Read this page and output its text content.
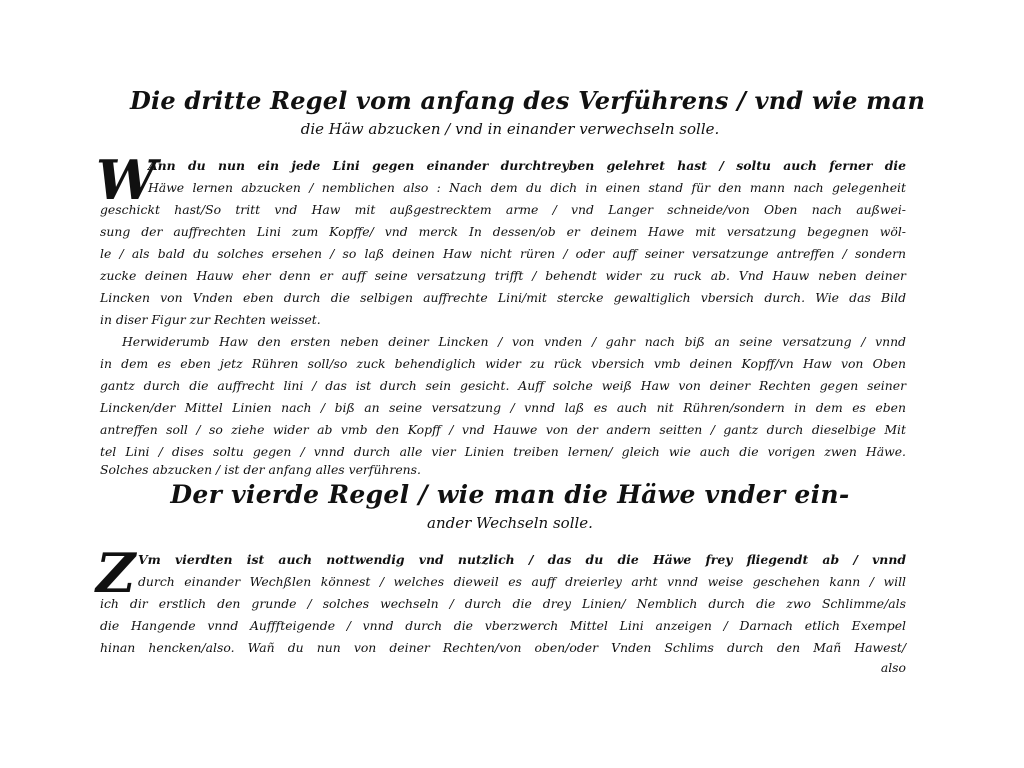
Die dritte Regel vom anfang des Verführens / vnd wie man
die Häw abzucken / vnd in einander verwechseln solle.
W
Ann du nun ein jede Lini gegen einander durchtreyben gelehret hast / soltu auch ferner die
Häwe lernen abzucken / nemblichen also : Nach dem du dich in einen stand für den mann nach gelegenheit
geschickt hast/So tritt vnd Haw mit außgestrecktem arme / vnd Langer schneide/von Oben nach außwei-
sung der auffrechten Lini zum Kopffe/ vnd merck In dessen/ob er deinem Hawe mit versatzung begegnen wöl-
le / als bald du solches ersehen / so laß deinen Haw nicht rüren / oder auff seiner versatzunge antreffen / sondern
zucke deinen Hauw eher denn er auff seine versatzung trifft / behendt wider zu ruck ab. Vnd Hauw neben deiner
Lincken von Vnden eben durch die selbigen auffrechte Lini/mit stercke gewaltiglich vbersich durch. Wie das Bild
in diser Figur zur Rechten weisset.
Herwiderumb Haw den ersten neben deiner Lincken / von vnden / gahr nach biß an seine versatzung / vnnd
in dem es eben jetz Rühren soll/so zuck behendiglich wider zu rück vbersich vmb deinen Kopff/vn Haw von Oben
gantz durch die auffrecht lini / das ist durch sein gesicht. Auff solche weiß Haw von deiner Rechten gegen seiner
Lincken/der Mittel Linien nach / biß an seine versatzung / vnnd laß es auch nit Rühren/sondern in dem es eben
antreffen soll / so ziehe wider ab vmb den Kopff / vnd Hauwe von der andern seitten / gantz durch dieselbige Mit
tel Lini / dises soltu gegen / vnnd durch alle vier Linien treiben lernen/ gleich wie auch die vorigen zwen Häwe.
Solches abzucken / ist der anfang alles verführens.
Der vierde Regel / wie man die Häwe vnder ein-
ander Wechseln solle.
Z Vm vierdten ist auch nottwendig vnd nutzlich / das du die Häwe frey fliegendt ab / vnnd
durch einander Wechßlen könnest / welches dieweil es auff dreierley arht vnnd weise geschehen kann / will
ich dir erstlich den grunde / solches wechseln / durch die drey Linien/ Nemblich durch die zwo Schlimme/als
die Hangende vnnd Aufffteigende / vnnd durch die vberzwerch Mittel Lini anzeigen / Darnach etlich Exempel
hinan hencken/also. Wañ du nun von deiner Rechten/von oben/oder Vnden Schlims durch den Mañ Hawest/
also
